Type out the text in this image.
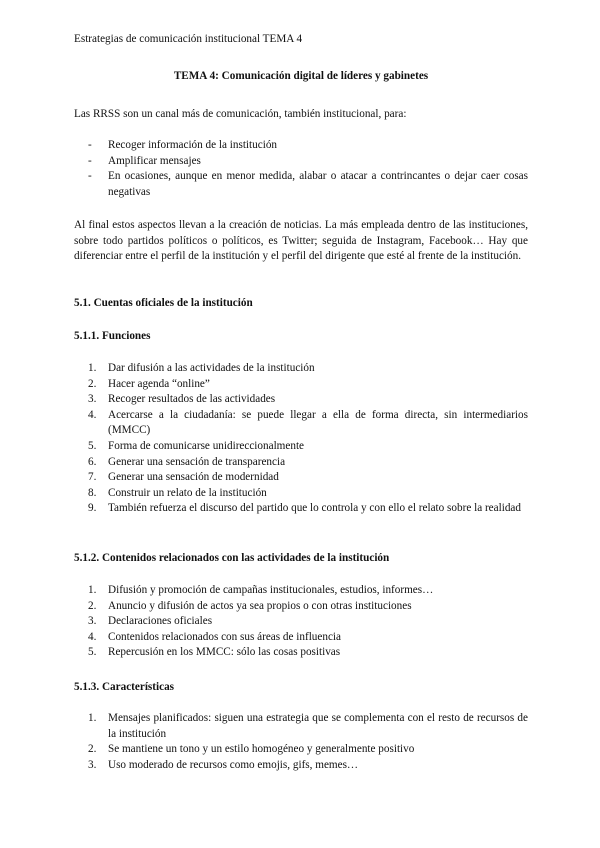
Estrategias de comunicación institucional TEMA 4
TEMA 4: Comunicación digital de líderes y gabinetes
Las RRSS son un canal más de comunicación, también institucional, para:
- Recoger información de la institución
- Amplificar mensajes
- En ocasiones, aunque en menor medida, alabar o atacar a contrincantes o dejar caer cosas negativas
Al final estos aspectos llevan a la creación de noticias. La más empleada dentro de las instituciones, sobre todo partidos políticos o políticos, es Twitter; seguida de Instagram, Facebook… Hay que diferenciar entre el perfil de la institución y el perfil del dirigente que esté al frente de la institución.
5.1. Cuentas oficiales de la institución
5.1.1. Funciones
1. Dar difusión a las actividades de la institución
2. Hacer agenda “online”
3. Recoger resultados de las actividades
4. Acercarse a la ciudadanía: se puede llegar a ella de forma directa, sin intermediarios (MMCC)
5. Forma de comunicarse unidireccionalmente
6. Generar una sensación de transparencia
7. Generar una sensación de modernidad
8. Construir un relato de la institución
9. También refuerza el discurso del partido que lo controla y con ello el relato sobre la realidad
5.1.2. Contenidos relacionados con las actividades de la institución
1. Difusión y promoción de campañas institucionales, estudios, informes…
2. Anuncio y difusión de actos ya sea propios o con otras instituciones
3. Declaraciones oficiales
4. Contenidos relacionados con sus áreas de influencia
5. Repercusión en los MMCC: sólo las cosas positivas
5.1.3. Características
1. Mensajes planificados: siguen una estrategia que se complementa con el resto de recursos de la institución
2. Se mantiene un tono y un estilo homogéneo y generalmente positivo
3. Uso moderado de recursos como emojis, gifs, memes…
